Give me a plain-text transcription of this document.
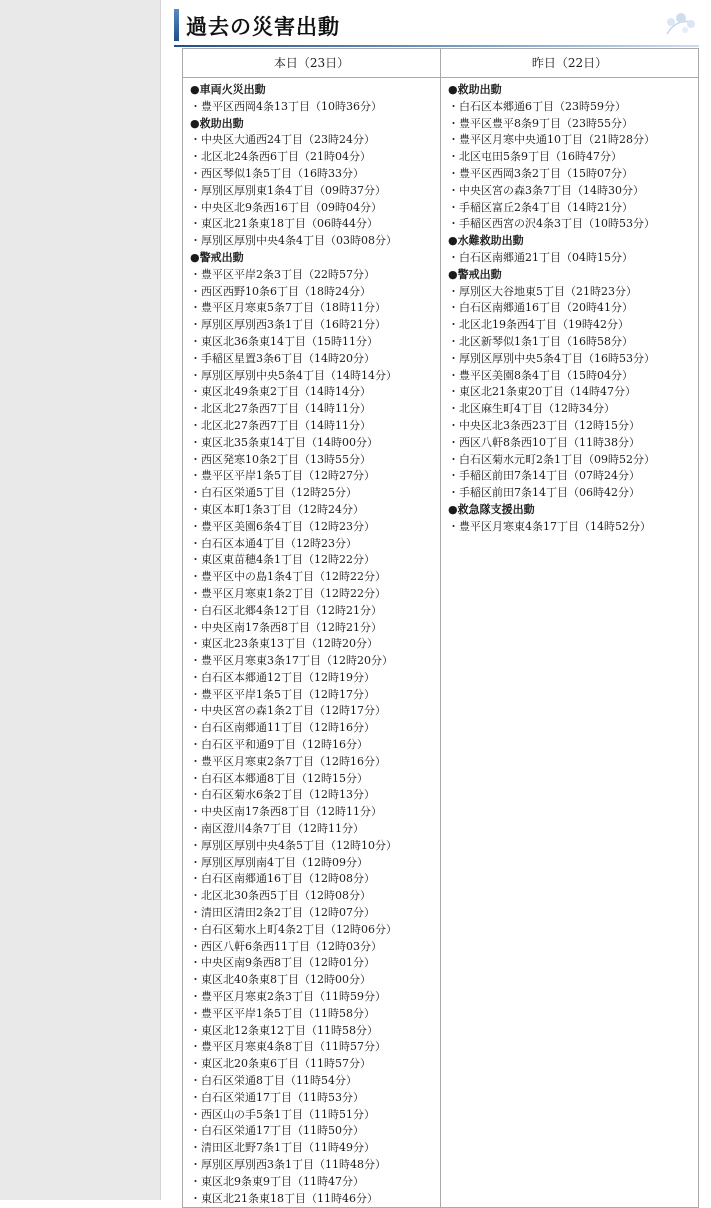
過去の災害出動
本日（23日）
●車両火災出動
・豊平区西岡4条13丁目（10時36分）
●救助出動
・中央区大通西24丁目（23時24分）
・北区北24条西6丁目（21時04分）
・西区琴似1条5丁目（16時33分）
・厚別区厚別東1条4丁目（09時37分）
・中央区北9条西16丁目（09時04分）
・東区北21条東18丁目（06時44分）
・厚別区厚別中央4条4丁目（03時08分）
●警戒出動
・豊平区平岸2条3丁目（22時57分）
・西区西野10条6丁目（18時24分）
・豊平区月寒東5条7丁目（18時11分）
・厚別区厚別西3条1丁目（16時21分）
・東区北36条東14丁目（15時11分）
・手稲区星置3条6丁目（14時20分）
・厚別区厚別中央5条4丁目（14時14分）
・東区北49条東2丁目（14時14分）
・北区北27条西7丁目（14時11分）
・北区北27条西7丁目（14時11分）
・東区北35条東14丁目（14時00分）
・西区発寒10条2丁目（13時55分）
・豊平区平岸1条5丁目（12時27分）
・白石区栄通5丁目（12時25分）
・東区本町1条3丁目（12時24分）
・豊平区美園6条4丁目（12時23分）
・白石区本通4丁目（12時23分）
・東区東苗穂4条1丁目（12時22分）
・豊平区中の島1条4丁目（12時22分）
・豊平区月寒東1条2丁目（12時22分）
・白石区北郷4条12丁目（12時21分）
・中央区南17条西8丁目（12時21分）
・東区北23条東13丁目（12時20分）
・豊平区月寒東3条17丁目（12時20分）
・白石区本郷通12丁目（12時19分）
・豊平区平岸1条5丁目（12時17分）
・中央区宮の森1条2丁目（12時17分）
・白石区南郷通11丁目（12時16分）
・白石区平和通9丁目（12時16分）
・豊平区月寒東2条7丁目（12時16分）
・白石区本郷通8丁目（12時15分）
・白石区菊水6条2丁目（12時13分）
・中央区南17条西8丁目（12時11分）
・南区澄川4条7丁目（12時11分）
・厚別区厚別中央4条5丁目（12時10分）
・厚別区厚別南4丁目（12時09分）
・白石区南郷通16丁目（12時08分）
・北区北30条西5丁目（12時08分）
・清田区清田2条2丁目（12時07分）
・白石区菊水上町4条2丁目（12時06分）
・西区八軒6条西11丁目（12時03分）
・中央区南9条西8丁目（12時01分）
・東区北40条東8丁目（12時00分）
・豊平区月寒東2条3丁目（11時59分）
・豊平区平岸1条5丁目（11時58分）
・東区北12条東12丁目（11時58分）
・豊平区月寒東4条8丁目（11時57分）
・東区北20条東6丁目（11時57分）
・白石区栄通8丁目（11時54分）
・白石区栄通17丁目（11時53分）
・西区山の手5条1丁目（11時51分）
・白石区栄通17丁目（11時50分）
・清田区北野7条1丁目（11時49分）
・厚別区厚別西3条1丁目（11時48分）
・東区北9条東9丁目（11時47分）
・東区北21条東18丁目（11時46分）
昨日（22日）
●救助出動
・白石区本郷通6丁目（23時59分）
・豊平区豊平8条9丁目（23時55分）
・豊平区月寒中央通10丁目（21時28分）
・北区屯田5条9丁目（16時47分）
・豊平区西岡3条2丁目（15時07分）
・中央区宮の森3条7丁目（14時30分）
・手稲区富丘2条4丁目（14時21分）
・手稲区西宮の沢4条3丁目（10時53分）
●水難救助出動
・白石区南郷通21丁目（04時15分）
●警戒出動
・厚別区大谷地東5丁目（21時23分）
・白石区南郷通16丁目（20時41分）
・北区北19条西4丁目（19時42分）
・北区新琴似1条1丁目（16時58分）
・厚別区厚別中央5条4丁目（16時53分）
・豊平区美園8条4丁目（15時04分）
・東区北21条東20丁目（14時47分）
・北区麻生町4丁目（12時34分）
・中央区北3条西23丁目（12時15分）
・西区八軒8条西10丁目（11時38分）
・白石区菊水元町2条1丁目（09時52分）
・手稲区前田7条14丁目（07時24分）
・手稲区前田7条14丁目（06時42分）
●救急隊支援出動
・豊平区月寒東4条17丁目（14時52分）
